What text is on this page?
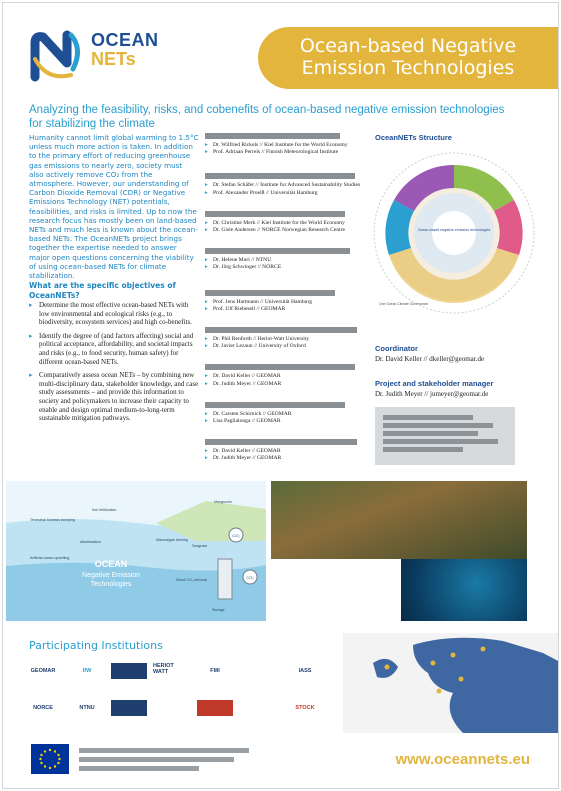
OCEAN
NETs
Ocean-based Negative
Emission Technologies
Analyzing the feasibility, risks, and cobenefits of ocean-based negative emission technologies for stabilizing the climate
Humanity cannot limit global warming to 1.5°C unless much more action is taken. In addition to the primary effort of reducing greenhouse gas emissions to nearly zero, society must also actively remove CO₂ from the atmosphere. However, our understanding of Carbon Dioxide Removal (CDR) or Negative Emissions Technology (NET) potentials, feasibilities, and risks is limited. Up to now the research focus has mostly been on land-based NETs and much less is known about the ocean-based NETs. The OceanNETs project brings together the expertise needed to answer major open questions concerning the viability of using ocean-based NETs for climate stabilization.
What are the specific objectives of OceanNETs?
▸ Determine the most effective ocean-based NETs with low environmental and ecological risks (e.g., to biodiversity, ecosystem services) and high co-benefits.
▸ Identify the degree of (and factors affecting) social and political acceptance, affordability, and societal impacts and risks (e.g., to food security, human safety) for different ocean-based NETs.
▸ Comparatively assess ocean NETs – by combining new multi-disciplinary data, stakeholder knowledge, and case study assessments – and provide this information to society and policymakers to increase their capacity to enable and design optimal medium-to-long-term sustainable mitigation pathways.
▸ Dr. Wilfried Rickels // Kiel Institute for the World Economy
▸ Prof. Adriaan Perrels // Finnish Meteorological Institute
▸ Dr. Stefan Schäfer // Institute for Advanced Sustainability Studies
▸ Prof. Alexander Proelß // Universität Hamburg
▸ Dr. Christine Merk // Kiel Institute for the World Economy
▸ Dr. Gisle Andersen // NORCE Norwegian Research Centre
▸ Dr. Helene Muri // NTNU
▸ Dr. Jörg Schwinger // NORCE
▸ Prof. Jens Hartmann // Universität Hamburg
▸ Prof. Ulf Riebesell // GEOMAR
▸ Dr. Phil Renforth // Heriot-Watt University
▸ Dr. Javier Lezaun // University of Oxford
▸ Dr. David Keller // GEOMAR
▸ Dr. Judith Meyer // GEOMAR
▸ Dr. Carsten Schirnick // GEOMAR
▸ Lisa Paglialonga // GEOMAR
▸ Dr. David Keller // GEOMAR
▸ Dr. Judith Meyer // GEOMAR
OceanNETs Structure
Ocean-based negative emission technologies
One Ocean Climate Governance
Coordinator
Dr. David Keller // dkeller@geomar.de
Project and stakeholder manager
Dr. Judith Meyer // jumeyer@geomar.de
CO₂
CO₂
OCEAN
Negative Emission
Technologies
Terrestrial biomass dumping
Iron fertilization
Artificial ocean upwelling
Alkalinization	Macroalgae farming
Seagrass
Mangroves
Direct CO₂ removal
Storage
Participating Institutions
GEOMAR	IfW
HERIOT WATT	FMI	IASS
NORCE	NTNU	STOCK
www.oceannets.eu
